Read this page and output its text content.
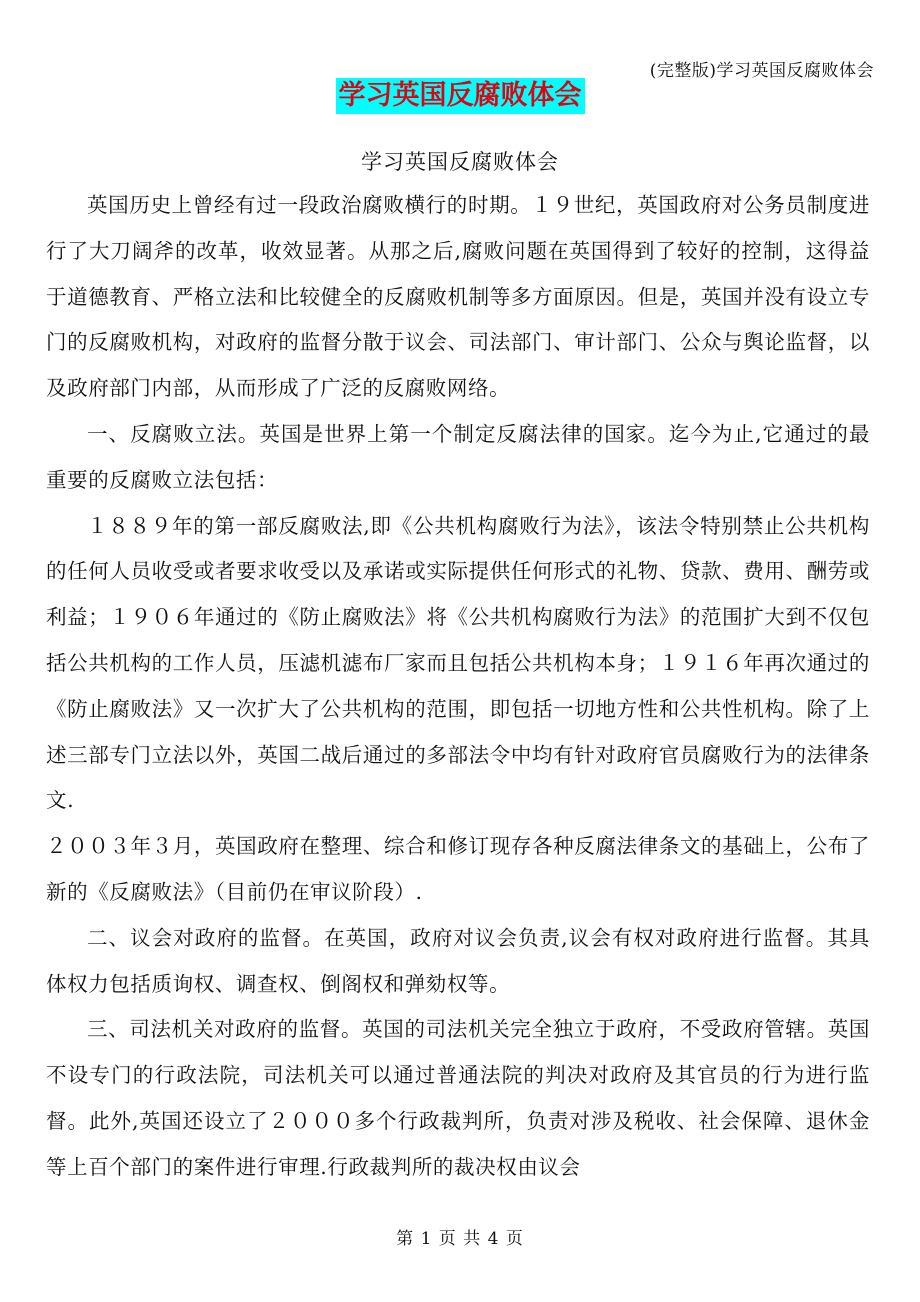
(完整版)学习英国反腐败体会
学习英国反腐败体会
学习英国反腐败体会

英国历史上曾经有过一段政治腐败横行的时期。１９世纪，英国政府对公务员制度进行了大刀阔斧的改革，收效显著。从那之后,腐败问题在英国得到了较好的控制，这得益于道德教育、严格立法和比较健全的反腐败机制等多方面原因。但是，英国并没有设立专门的反腐败机构，对政府的监督分散于议会、司法部门、审计部门、公众与舆论监督，以及政府部门内部，从而形成了广泛的反腐败网络。

一、反腐败立法。英国是世界上第一个制定反腐法律的国家。迄今为止,它通过的最重要的反腐败立法包括：

１８８９年的第一部反腐败法,即《公共机构腐败行为法》，该法令特别禁止公共机构的任何人员收受或者要求收受以及承诺或实际提供任何形式的礼物、贷款、费用、酬劳或利益；１９０６年通过的《防止腐败法》将《公共机构腐败行为法》的范围扩大到不仅包括公共机构的工作人员，压滤机滤布厂家而且包括公共机构本身；１９１６年再次通过的《防止腐败法》又一次扩大了公共机构的范围，即包括一切地方性和公共性机构。除了上述三部专门立法以外，英国二战后通过的多部法令中均有针对政府官员腐败行为的法律条文.

２００３年３月，英国政府在整理、综合和修订现存各种反腐法律条文的基础上，公布了新的《反腐败法》（目前仍在审议阶段）.

二、议会对政府的监督。在英国，政府对议会负责,议会有权对政府进行监督。其具体权力包括质询权、调查权、倒阁权和弹劾权等。

三、司法机关对政府的监督。英国的司法机关完全独立于政府，不受政府管辖。英国不设专门的行政法院，司法机关可以通过普通法院的判决对政府及其官员的行为进行监督。此外,英国还设立了２０００多个行政裁判所，负责对涉及税收、社会保障、退休金等上百个部门的案件进行审理.行政裁判所的裁决权由议会

第 1 页 共 4 页
